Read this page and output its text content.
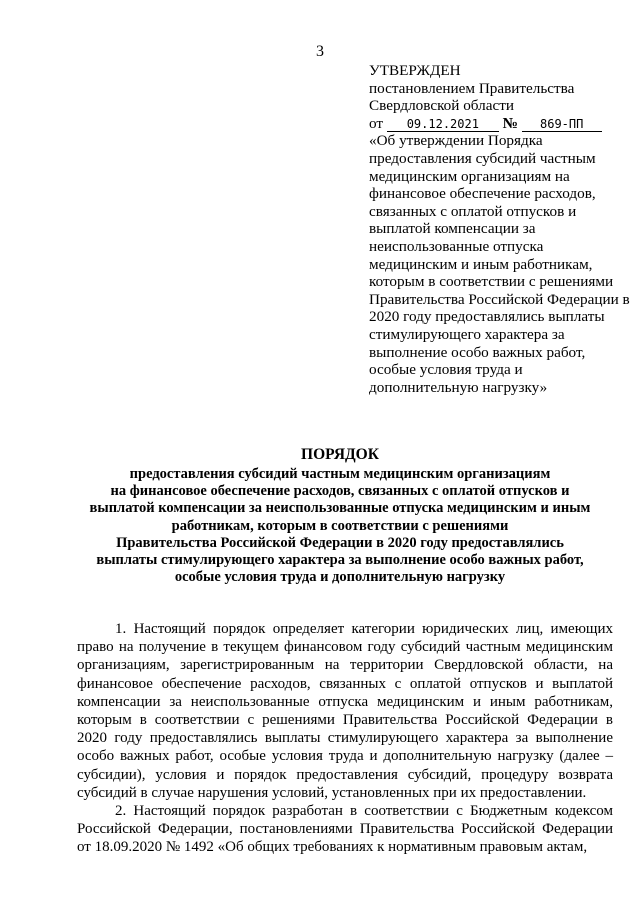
3
УТВЕРЖДЕН
постановлением Правительства
Свердловской области
от 09.12.2021 № 869-ПП
«Об утверждении Порядка предоставления субсидий частным медицинским организациям на финансовое обеспечение расходов, связанных с оплатой отпусков и выплатой компенсации за неиспользованные отпуска медицинским и иным работникам, которым в соответствии с решениями Правительства Российской Федерации в 2020 году предоставлялись выплаты стимулирующего характера за выполнение особо важных работ, особые условия труда и дополнительную нагрузку»
ПОРЯДОК
предоставления субсидий частным медицинским организациям
на финансовое обеспечение расходов, связанных с оплатой отпусков и
выплатой компенсации за неиспользованные отпуска медицинским и иным
работникам, которым в соответствии с решениями
Правительства Российской Федерации в 2020 году предоставлялись
выплаты стимулирующего характера за выполнение особо важных работ,
особые условия труда и дополнительную нагрузку

1. Настоящий порядок определяет категории юридических лиц, имеющих право на получение в текущем финансовом году субсидий частным медицинским организациям, зарегистрированным на территории Свердловской области, на финансовое обеспечение расходов, связанных с оплатой отпусков и выплатой компенсации за неиспользованные отпуска медицинским и иным работникам, которым в соответствии с решениями Правительства Российской Федерации в 2020 году предоставлялись выплаты стимулирующего характера за выполнение особо важных работ, особые условия труда и дополнительную нагрузку (далее – субсидии), условия и порядок предоставления субсидий, процедуру возврата субсидий в случае нарушения условий, установленных при их предоставлении.

2. Настоящий порядок разработан в соответствии с Бюджетным кодексом Российской Федерации, постановлениями Правительства Российской Федерации от 18.09.2020 № 1492 «Об общих требованиях к нормативным правовым актам,
